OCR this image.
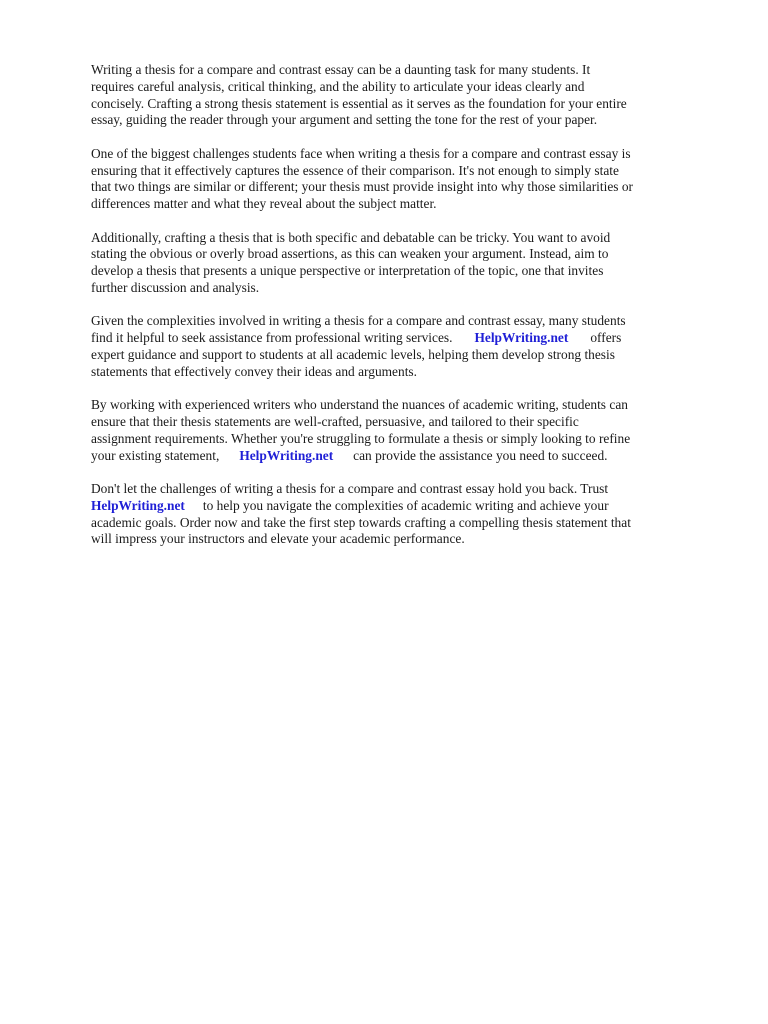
Writing a thesis for a compare and contrast essay can be a daunting task for many students. It
requires careful analysis, critical thinking, and the ability to articulate your ideas clearly and
concisely. Crafting a strong thesis statement is essential as it serves as the foundation for your entire
essay, guiding the reader through your argument and setting the tone for the rest of your paper.

One of the biggest challenges students face when writing a thesis for a compare and contrast essay is
ensuring that it effectively captures the essence of their comparison. It's not enough to simply state
that two things are similar or different; your thesis must provide insight into why those similarities or
differences matter and what they reveal about the subject matter.

Additionally, crafting a thesis that is both specific and debatable can be tricky. You want to avoid
stating the obvious or overly broad assertions, as this can weaken your argument. Instead, aim to
develop a thesis that presents a unique perspective or interpretation of the topic, one that invites
further discussion and analysis.

Given the complexities involved in writing a thesis for a compare and contrast essay, many students
find it helpful to seek assistance from professional writing services. HelpWriting.net offers
expert guidance and support to students at all academic levels, helping them develop strong thesis
statements that effectively convey their ideas and arguments.

By working with experienced writers who understand the nuances of academic writing, students can
ensure that their thesis statements are well-crafted, persuasive, and tailored to their specific
assignment requirements. Whether you're struggling to formulate a thesis or simply looking to refine
your existing statement, HelpWriting.net can provide the assistance you need to succeed.

Don't let the challenges of writing a thesis for a compare and contrast essay hold you back. Trust
HelpWriting.net to help you navigate the complexities of academic writing and achieve your
academic goals. Order now and take the first step towards crafting a compelling thesis statement that
will impress your instructors and elevate your academic performance.
